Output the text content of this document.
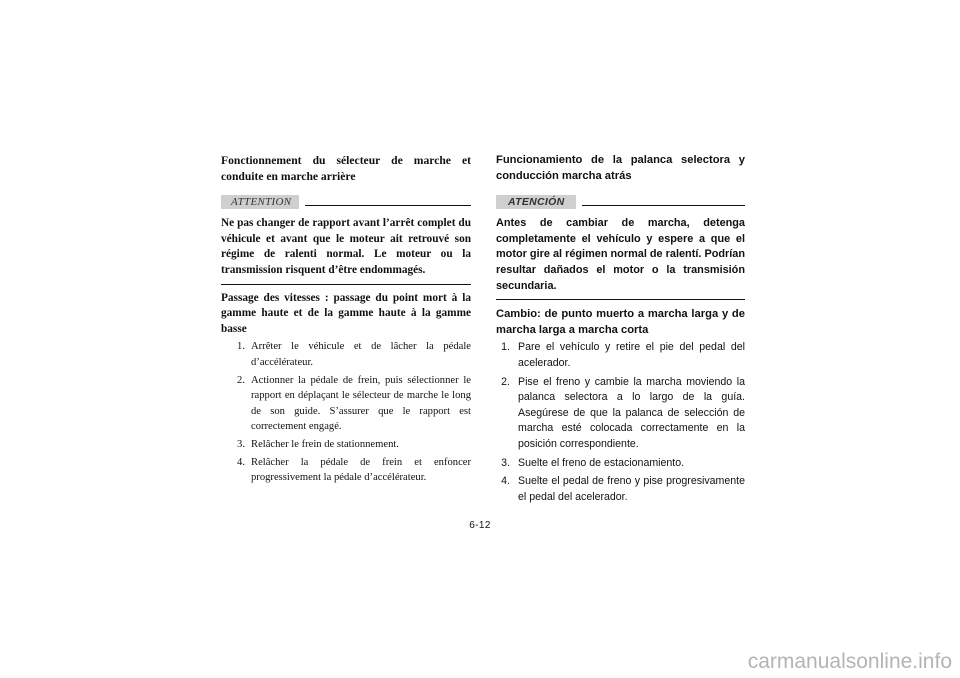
Fonctionnement du sélecteur de marche et conduite en marche arrière
ATTENTION
Ne pas changer de rapport avant l’arrêt complet du véhicule et avant que le moteur ait retrouvé son régime de ralenti normal. Le moteur ou la transmission risquent d’être endommagés.
Passage des vitesses : passage du point mort à la gamme haute et de la gamme haute à la gamme basse
1. Arrêter le véhicule et de lâcher la pédale d’accélérateur.
2. Actionner la pédale de frein, puis sélectionner le rapport en déplaçant le sélecteur de marche le long de son guide. S’assurer que le rapport est correctement engagé.
3. Relâcher le frein de stationnement.
4. Relâcher la pédale de frein et enfoncer progressivement la pédale d’accélérateur.
Funcionamiento de la palanca selectora y conducción marcha atrás
ATENCIÓN
Antes de cambiar de marcha, detenga completamente el vehículo y espere a que el motor gire al régimen normal de ralentí. Podrían resultar dañados el motor o la transmisión secundaria.
Cambio: de punto muerto a marcha larga y de marcha larga a marcha corta
1. Pare el vehículo y retire el pie del pedal del acelerador.
2. Pise el freno y cambie la marcha moviendo la palanca selectora a lo largo de la guía. Asegúrese de que la palanca de selección de marcha esté colocada correctamente en la posición correspondiente.
3. Suelte el freno de estacionamiento.
4. Suelte el pedal de freno y pise progresivamente el pedal del acelerador.
6-12
carmanualsonline.info
